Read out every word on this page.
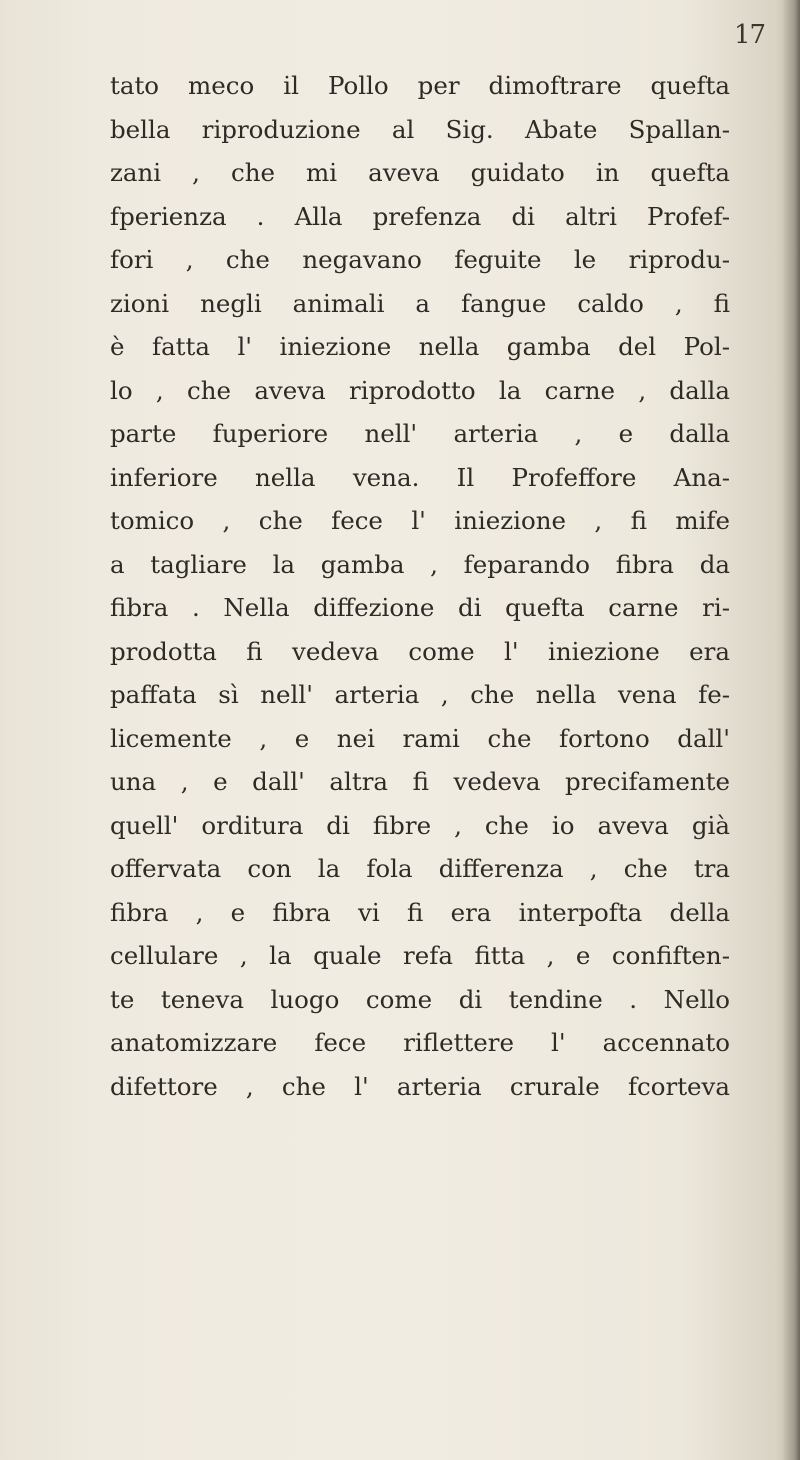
17
tato meco il Pollo per dimoftrare quefta
bella riproduzione al Sig. Abate Spallan-
zani , che mi aveva guidato in quefta
fperienza . Alla prefenza di altri Profef-
fori , che negavano feguite le riprodu-
zioni negli animali a fangue caldo , fi
è fatta l' iniezione nella gamba del Pol-
lo , che aveva riprodotto la carne , dalla
parte fuperiore nell' arteria , e dalla
inferiore nella vena. Il Profeffore Ana-
tomico , che fece l' iniezione , fi mife
a tagliare la gamba , feparando fibra da
fibra . Nella diffezione di quefta carne ri-
prodotta fi vedeva come l' iniezione era
paffata sì nell' arteria , che nella vena fe-
licemente , e nei rami che fortono dall'
una , e dall' altra fi vedeva precifamente
quell' orditura di fibre , che io aveva già
offervata con la fola differenza , che tra
fibra , e fibra vi fi era interpofta della
cellulare , la quale refa fitta , e confiften-
te teneva luogo come di tendine . Nello
anatomizzare fece riflettere l' accennato
difettore , che l' arteria crurale fcorteva
